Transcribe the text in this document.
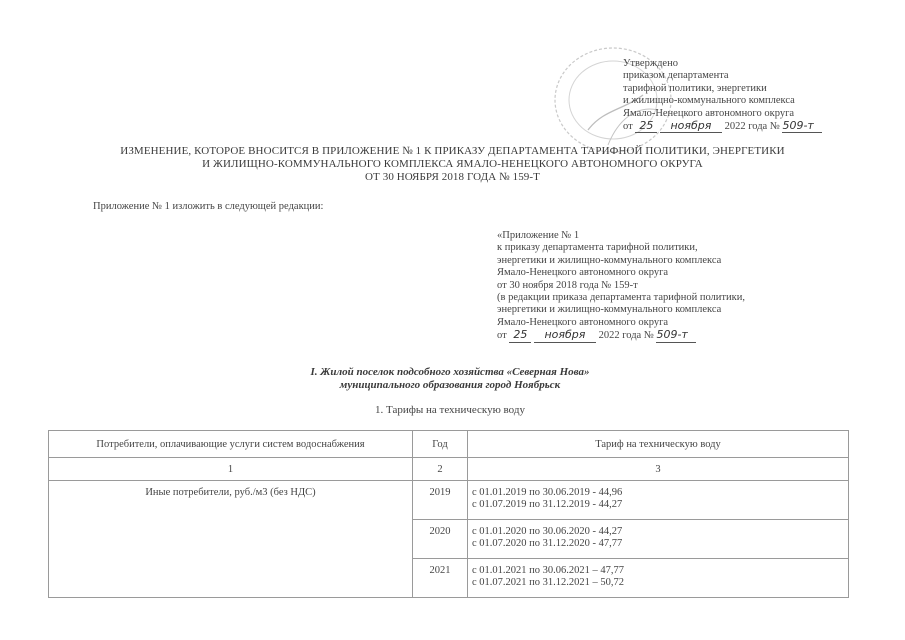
Утверждено
приказом департамента
тарифной политики, энергетики
и жилищно-коммунального комплекса
Ямало-Ненецкого автономного округа
от 25 ноября 2022 года № 509-т
ИЗМЕНЕНИЕ, КОТОРОЕ ВНОСИТСЯ В ПРИЛОЖЕНИЕ № 1 К ПРИКАЗУ ДЕПАРТАМЕНТА ТАРИФНОЙ ПОЛИТИКИ, ЭНЕРГЕТИКИ
И ЖИЛИЩНО-КОММУНАЛЬНОГО КОМПЛЕКСА ЯМАЛО-НЕНЕЦКОГО АВТОНОМНОГО ОКРУГА
ОТ 30 НОЯБРЯ 2018 ГОДА № 159-Т
Приложение № 1 изложить в следующей редакции:
«Приложение № 1
к приказу департамента тарифной политики,
энергетики и жилищно-коммунального комплекса
Ямало-Ненецкого автономного округа
от 30 ноября 2018 года № 159-т
(в редакции приказа департамента тарифной политики,
энергетики и жилищно-коммунального комплекса
Ямало-Ненецкого автономного округа
от 25 ноября 2022 года № 509-т
I. Жилой поселок подсобного хозяйства «Северная Нова»
муниципального образования город Ноябрьск
1. Тарифы на техническую воду
Потребители, оплачивающие услуги систем водоснабжения	Год	Тариф на техническую воду
1	2	3
Иные потребители, руб./м3 (без НДС)	2019	с 01.01.2019 по 30.06.2019 - 44,96
с 01.07.2019 по 31.12.2019 - 44,27

	2020	с 01.01.2020 по 30.06.2020 - 44,27
с 01.07.2020 по 31.12.2020 - 47,77

	2021	с 01.01.2021 по 30.06.2021 – 47,77
с 01.07.2021 по 31.12.2021 – 50,72
